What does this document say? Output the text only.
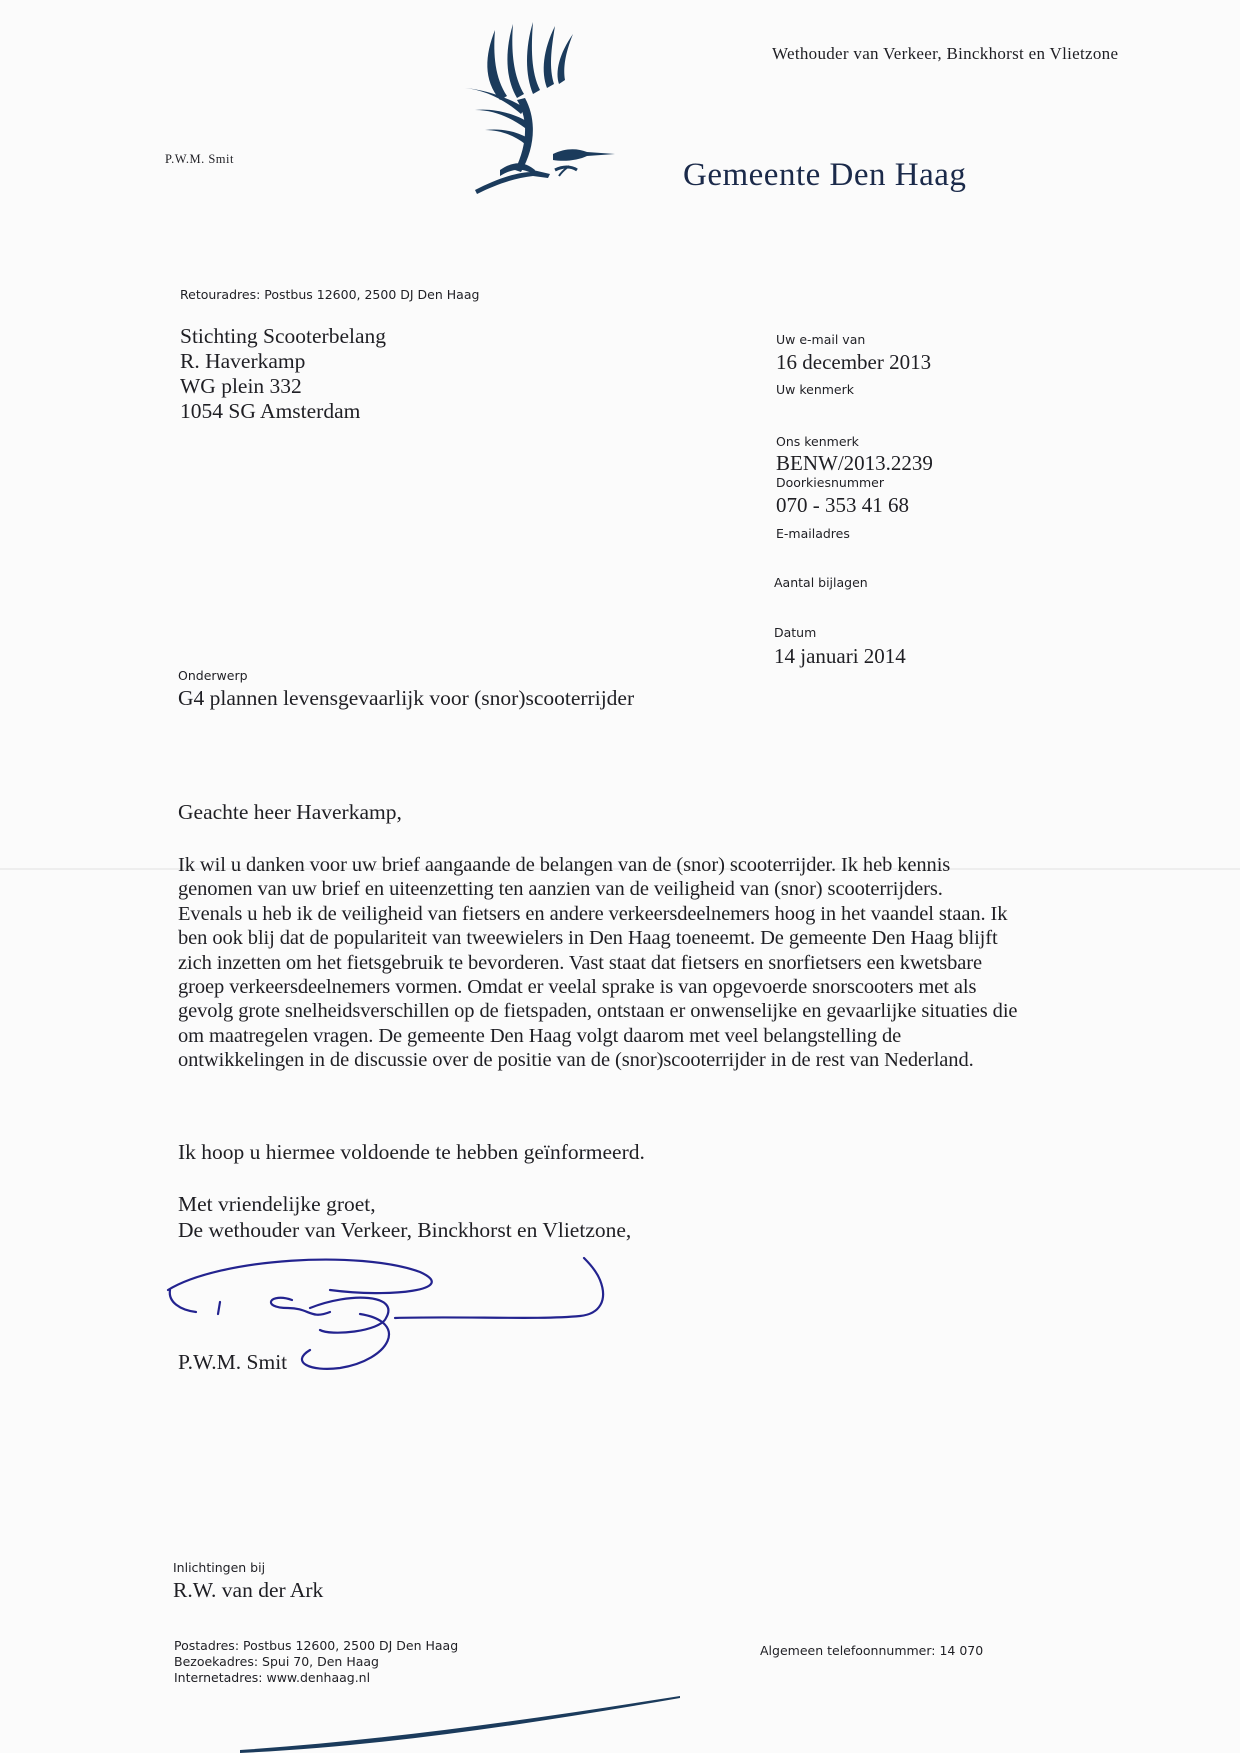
Wethouder van Verkeer, Binckhorst en Vlietzone
P.W.M. Smit	Gemeente Den Haag
Retouradres: Postbus 12600, 2500 DJ Den Haag
Stichting Scooterbelang
R. Haverkamp
WG plein 332
1054 SG Amsterdam
Uw e-mail van
16 december 2013
Uw kenmerk
Ons kenmerk
BENW/2013.2239
Doorkiesnummer
070 - 353 41 68
E-mailadres
Aantal bijlagen
Datum
14 januari 2014
Onderwerp
G4 plannen levensgevaarlijk voor (snor)scooterrijder
Geachte heer Haverkamp,

Ik wil u danken voor uw brief aangaande de belangen van de (snor) scooterrijder. Ik heb kennis genomen van uw brief en uiteenzetting ten aanzien van de veiligheid van (snor) scooterrijders.

Evenals u heb ik de veiligheid van fietsers en andere verkeersdeelnemers hoog in het vaandel staan. Ik ben ook blij dat de populariteit van tweewielers in Den Haag toeneemt. De gemeente Den Haag blijft zich inzetten om het fietsgebruik te bevorderen. Vast staat dat fietsers en snorfietsers een kwetsbare groep verkeersdeelnemers vormen. Omdat er veelal sprake is van opgevoerde snorscooters met als gevolg grote snelheidsverschillen op de fietspaden, ontstaan er onwenselijke en gevaarlijke situaties die om maatregelen vragen. De gemeente Den Haag volgt daarom met veel belangstelling de ontwikkelingen in de discussie over de positie van de (snor)scooterrijder in de rest van Nederland.

Ik hoop u hiermee voldoende te hebben geïnformeerd.
Met vriendelijke groet,
De wethouder van Verkeer, Binckhorst en Vlietzone,
P.W.M. Smit
Inlichtingen bij
R.W. van der Ark
Postadres: Postbus 12600, 2500 DJ Den Haag
Bezoekadres: Spui 70, Den Haag
Internetadres: www.denhaag.nl
Algemeen telefoonnummer: 14 070
